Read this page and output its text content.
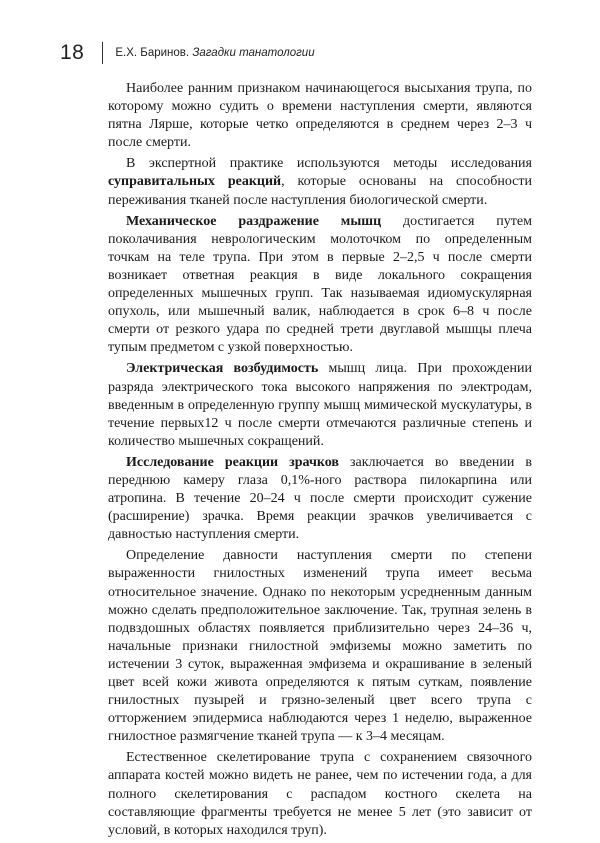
18	Е.Х. Баринов. Загадки танатологии

Наиболее ранним признаком начинающегося высыхания трупа, по которому можно судить о времени наступления смерти, являются пятна Лярше, которые четко определяются в среднем через 2–3 ч после смерти.

В экспертной практике используются методы исследования суправитальных реакций, которые основаны на способности переживания тканей после наступления биологической смерти.

Механическое раздражение мышц достигается путем поколачивания неврологическим молоточком по определенным точкам на теле трупа. При этом в первые 2–2,5 ч после смерти возникает ответная реакция в виде локального сокращения определенных мышечных групп. Так называемая идиомускулярная опухоль, или мышечный валик, наблюдается в срок 6–8 ч после смерти от резкого удара по средней трети двуглавой мышцы плеча тупым предметом с узкой поверхностью.

Электрическая возбудимость мышц лица. При прохождении разряда электрического тока высокого напряжения по электродам, введенным в определенную группу мышц мимической мускулатуры, в течение первых12 ч после смерти отмечаются различные степень и количество мышечных сокращений.

Исследование реакции зрачков заключается во введении в переднюю камеру глаза 0,1%-ного раствора пилокарпина или атропина. В течение 20–24 ч после смерти происходит сужение (расширение) зрачка. Время реакции зрачков увеличивается с давностью наступления смерти.

Определение давности наступления смерти по степени выраженности гнилостных изменений трупа имеет весьма относительное значение. Однако по некоторым усредненным данным можно сделать предположительное заключение. Так, трупная зелень в подвздошных областях появляется приблизительно через 24–36 ч, начальные признаки гнилостной эмфиземы можно заметить по истечении 3 суток, выраженная эмфизема и окрашивание в зеленый цвет всей кожи живота определяются к пятым суткам, появление гнилостных пузырей и грязно-зеленый цвет всего трупа с отторжением эпидермиса наблюдаются через 1 неделю, выраженное гнилостное размягчение тканей трупа — к 3–4 месяцам.

Естественное скелетирование трупа с сохранением связочного аппарата костей можно видеть не ранее, чем по истечении года, а для полного скелетирования с распадом костного скелета на составляющие фрагменты требуется не менее 5 лет (это зависит от условий, в которых находился труп).
